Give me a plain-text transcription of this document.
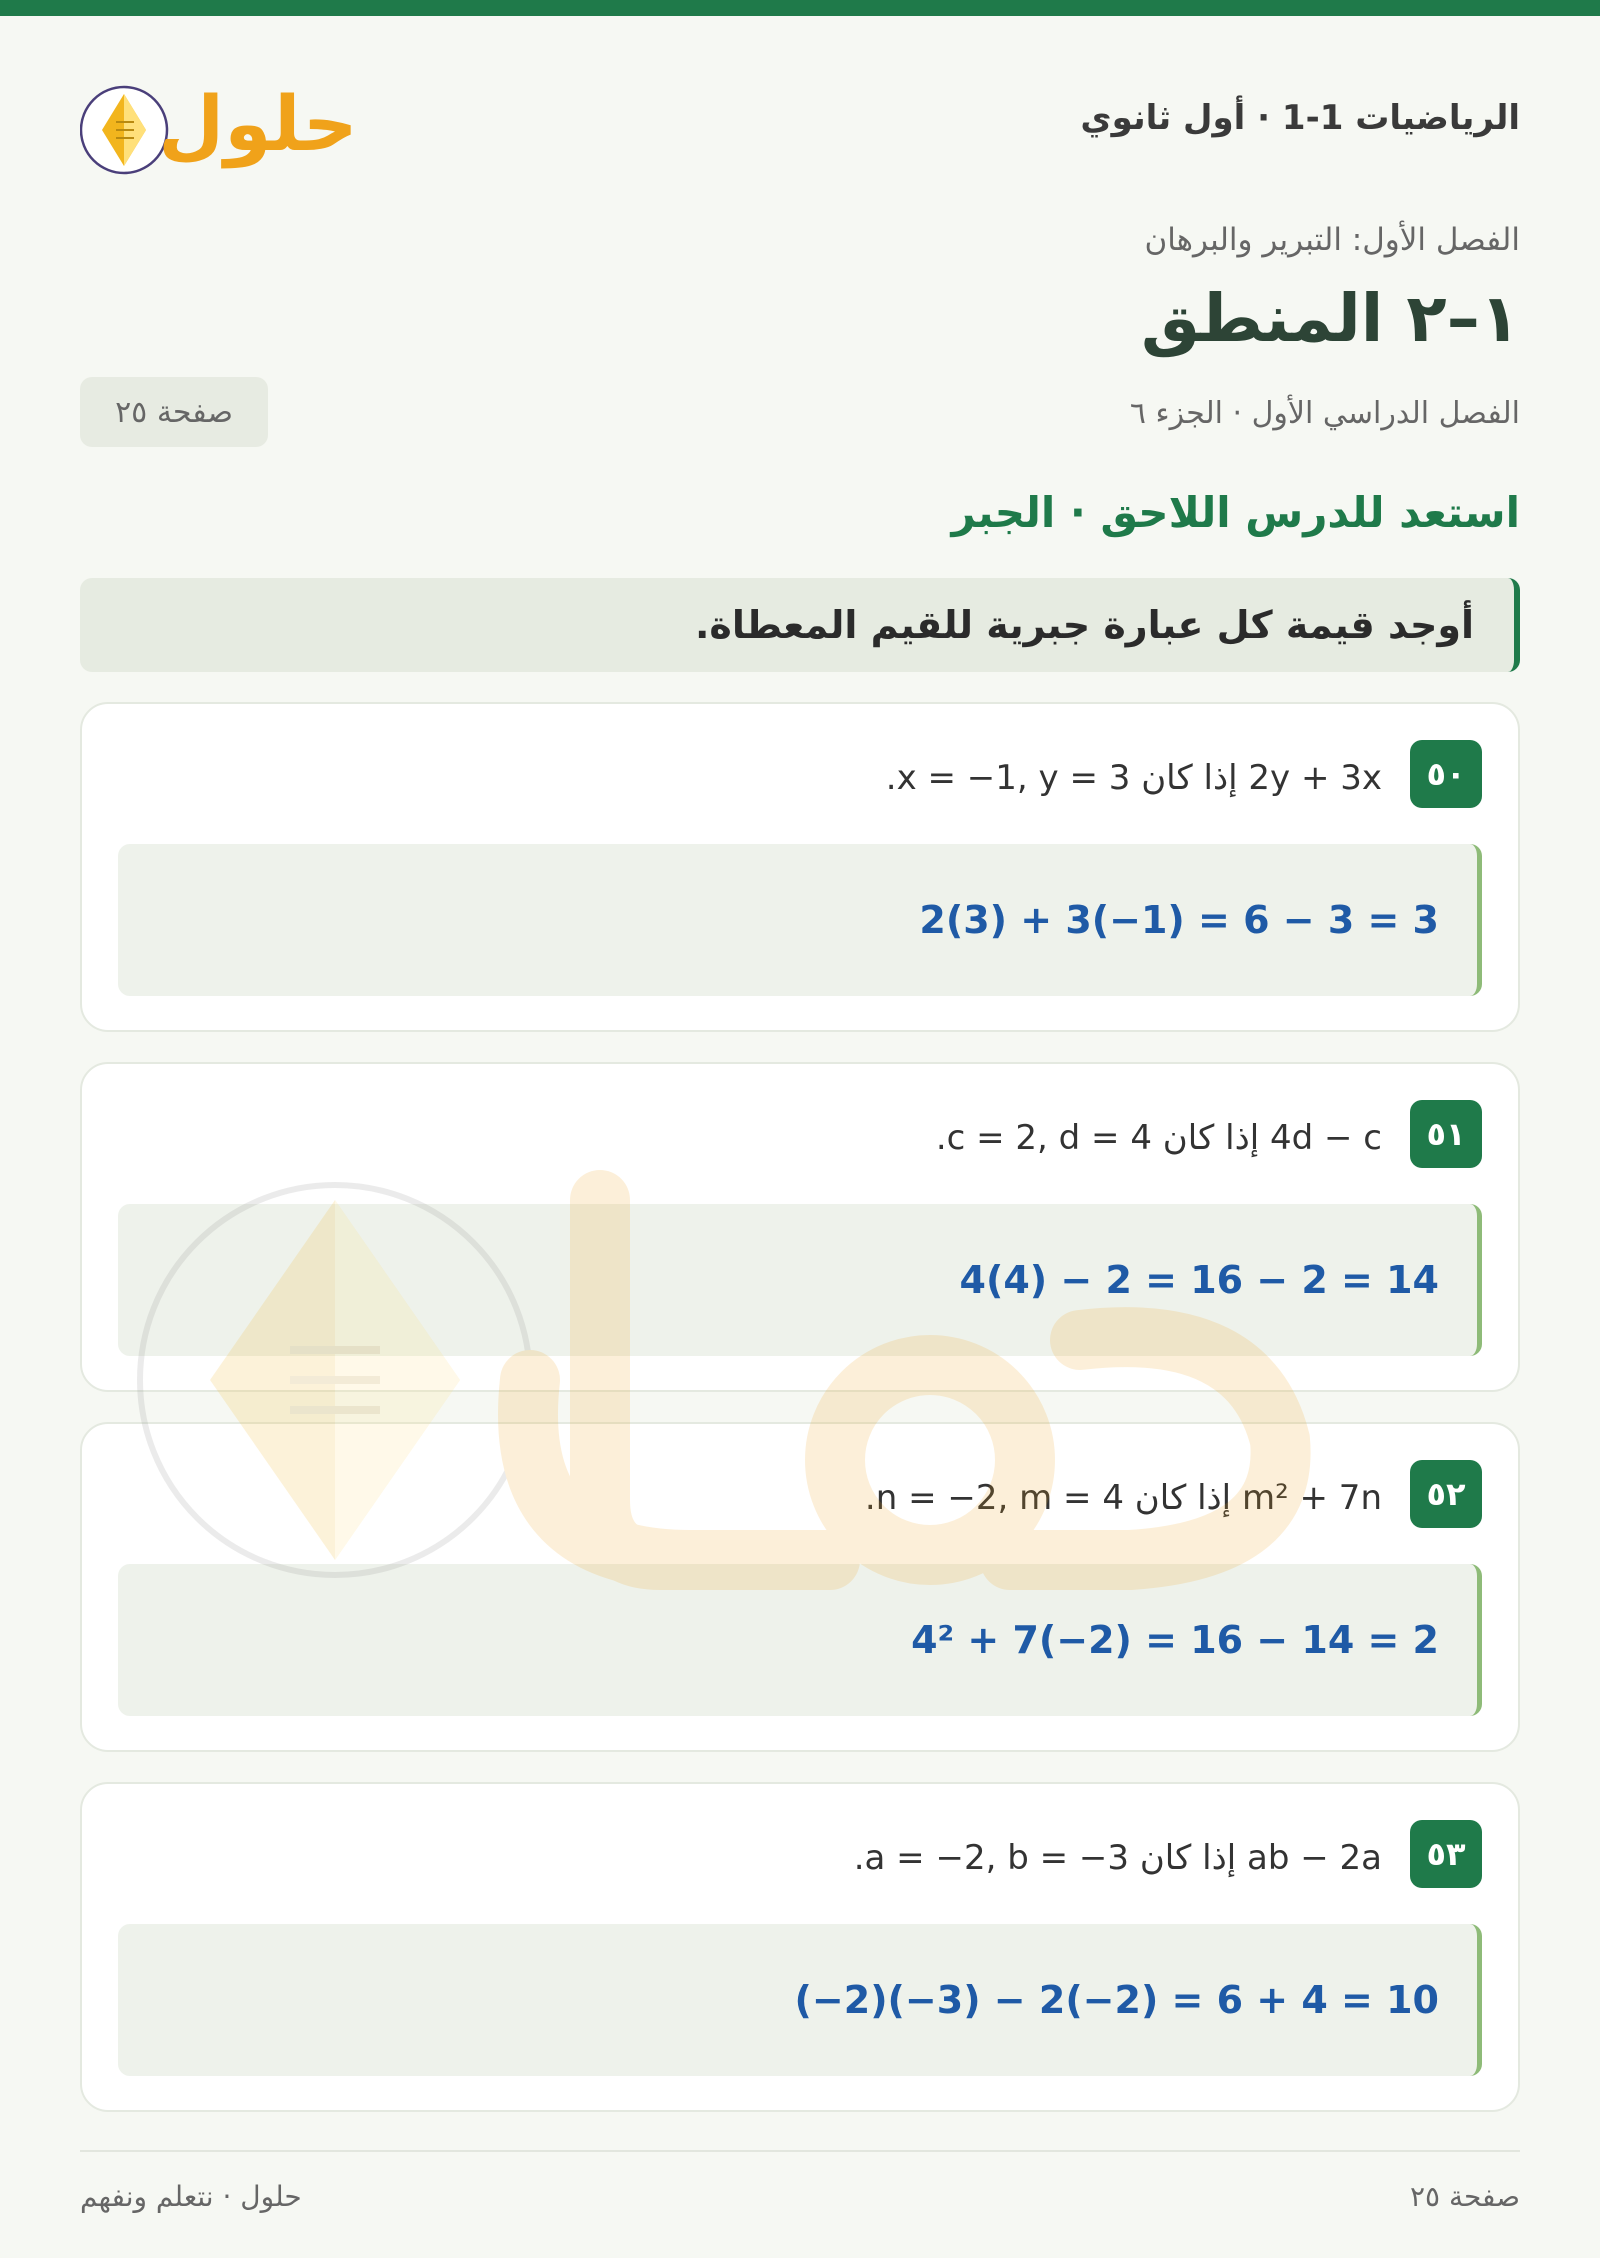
الرياضيات 1-1 · أول ثانوي
حلول
الفصل الأول: التبرير والبرهان
١–٢ المنطق
الفصل الدراسي الأول · الجزء ٦
صفحة ٢٥
استعد للدرس اللاحق · الجبر
أوجد قيمة كل عبارة جبرية للقيم المعطاة.
٥٠
2y + 3x إذا كان x = −1, y = 3.
2(3) + 3(−1) = 6 − 3 = 3
٥١
4d − c إذا كان c = 2, d = 4.
4(4) − 2 = 16 − 2 = 14
٥٢
m² + 7n إذا كان n = −2, m = 4.
4² + 7(−2) = 16 − 14 = 2
٥٣
ab − 2a إذا كان a = −2, b = −3.
(−2)(−3) − 2(−2) = 6 + 4 = 10
صفحة ٢٥
حلول · نتعلم ونفهم
